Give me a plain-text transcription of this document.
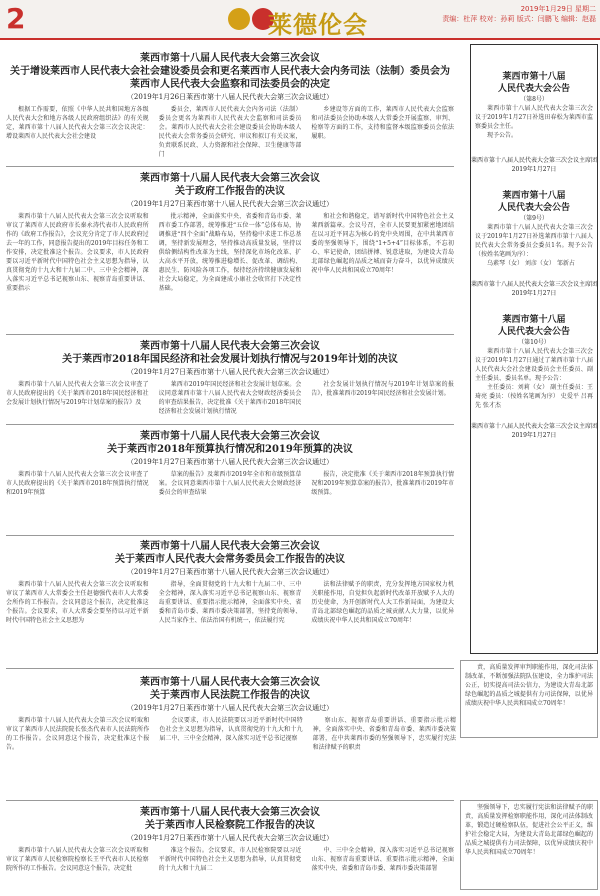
2	莱德伦会
2019年1月29日 星期二
责编：杜萍 校对：孙莉 版式：闫鹏飞 编辑：赵磊

莱西市第十八届人民代表大会第三次会议

关于增设莱西市人民代表大会社会建设委员会和更名莱西市人民代表大会内务司法（法制）委员会为莱西市人民代表大会监察和司法委员会的决定

（2019年1月26日莱西市第十八届人民代表大会第三次会议通过）

根据工作需要，依照《中华人民共和国地方各级人民代表大会和地方各级人民政府组织法》的有关规定，莱西市第十八届人民代表大会第三次会议决定：增设莱西市人民代表大会社会建设
委员会，莱西市人民代表大会内务司法（法制）委员会更名为莱西市人民代表大会监察和司法委员会。莱西市人民代表大会社会建设委员会协助本级人民代表大会常务委员会研究、审议和拟订有关议案，负责联系民政、人力资源和社会保障、卫生健康等部门
乡建设等方面的工作，莱西市人民代表大会监察和司法委员会协助本级人大常委会开展监察、审判、检察等方面的工作，支持和监督本级监察委员会依法履职。

莱西市第十八届人民代表大会第三次会议

关于政府工作报告的决议

（2019年1月27日莱西市第十八届人民代表大会第三次会议通过）

莱西市第十八届人民代表大会第三次会议听取和审议了莱西市人民政府市长秦永涛代表市人民政府所作的《政府工作报告》，会议充分肯定了市人民政府过去一年的工作，同意报告提出的2019年目标任务和工作安排，决定批准这个报告。会议要求，市人民政府要以习近平新时代中国特色社会主义思想为指导，认真贯彻党的十九大和十九届二中、三中全会精神，深入落实习近平总书记视察山东、视察青岛重要讲话、重要指示
批示精神，全面落实中央、省委和青岛市委、莱西市委工作部署，统筹推进“五位一体”总体布局，协调推进“四个全面”战略布局，坚持稳中求进工作总基调，坚持新发展理念，坚持推动高质量发展，坚持以供给侧结构性改革为主线，坚持深化市场化改革、扩大高水平开放，统筹推进稳增长、促改革、调结构、惠民生、防风险各项工作，保持经济持续健康发展和社会大局稳定，为全面建成小康社会收官打下决定性基础。
和社会和谐稳定，谱写新时代中国特色社会主义莱西新篇章。会议号召，全市人民要更加紧密地团结在以习近平同志为核心的党中央周围，在中共莱西市委的坚强领导下，围绕“1+5+4”目标体系，不忘初心、牢记使命，团结拼搏、锐意进取，为建设大青岛北部绿色崛起的品质之城而奋力奋斗，以优异成绩庆祝中华人民共和国成立70周年！

莱西市第十八届人民代表大会第三次会议

关于莱西市2018年国民经济和社会发展计划执行情况与2019年计划的决议

（2019年1月27日莱西市第十八届人民代表大会第三次会议通过）

莱西市第十八届人民代表大会第三次会议审查了市人民政府提出的《关于莱西市2018年国民经济和社会发展计划执行情况与2019年计划草案的报告》及
莱西市2019年国民经济和社会发展计划草案。会议同意莱西市第十八届人民代表大会财政经济委员会的审查结果报告，决定批准《关于莱西市2018年国民经济和社会发展计划执行情况
社会发展计划执行情况与2019年计划草案的报告》，批准莱西市2019年国民经济和社会发展计划。

莱西市第十八届人民代表大会第三次会议

关于莱西市2018年预算执行情况和2019年预算的决议

（2019年1月27日莱西市第十八届人民代表大会第三次会议通过）

莱西市第十八届人民代表大会第三次会议审查了市人民政府提出的《关于莱西市2018年预算执行情况和2019年预算
草案的报告》及莱西市2019年全市和市级预算草案。会议同意莱西市第十八届人民代表大会财政经济委员会的审查结果
报告，决定批准《关于莱西市2018年预算执行情况和2019年预算草案的报告》，批准莱西市2019年市级预算。

莱西市第十八届人民代表大会第三次会议

关于莱西市人民代表大会常务委员会工作报告的决议

（2019年1月27日莱西市第十八届人民代表大会第三次会议通过）

莱西市第十八届人民代表大会第三次会议听取和审议了莱西市人大常委会主任赵德强代表市人大常委会所作的工作报告。会议同意这个报告，决定批准这个报告。会议要求，市人大常委会要坚持以习近平新时代中国特色社会主义思想为
指导，全面贯彻党的十九大和十九届二中、三中全会精神，深入落实习近平总书记视察山东、视察青岛重要讲话、重要指示批示精神，全面落实中央、省委和青岛市委、莱西市委决策部署，坚持党的领导、人民当家作主、依法治国有机统一，依法履行宪
法和法律赋予的职责，充分发挥地方国家权力机关职能作用，自觉担负起新时代改革开放赋予人大的历史使命，为开创新时代人大工作新局面，为建设大青岛北部绿色崛起的品质之城贡献人大力量，以优异成绩庆祝中华人民共和国成立70周年！

莱西市第十八届人民代表大会第三次会议

关于莱西市人民法院工作报告的决议

（2019年1月27日莱西市第十八届人民代表大会第三次会议通过）

莱西市第十八届人民代表大会第三次会议听取和审议了莱西市人民法院院长张杰代表市人民法院所作的工作报告。会议同意这个报告，决定批准这个报告。
会议要求，市人民法院要以习近平新时代中国特色社会主义思想为指导，认真贯彻党的十九大和十九届二中、三中全会精神，深入落实习近平总书记视察
察山东、视察青岛重要讲话、重要指示批示精神，全面落实中央、省委和青岛市委、莱西市委决策部署，在中共莱西市委的坚强领导下，忠实履行宪法和法律赋予的职责

莱西市第十八届人民代表大会第三次会议

关于莱西市人民检察院工作报告的决议

（2019年1月27日莱西市第十八届人民代表大会第三次会议通过）

莱西市第十八届人民代表大会第三次会议听取和审议了莱西市人民检察院检察长王平代表市人民检察院所作的工作报告。会议同意这个报告，决定批
准这个报告。会议要求，市人民检察院要以习近平新时代中国特色社会主义思想为指导，认真贯彻党的十九大和十九届二
中、三中全会精神，深入落实习近平总书记视察山东、视察青岛重要讲话、重要指示批示精神，全面落实中央、省委和青岛市委、莱西市委决策部署
责，高质量发挥审判职能作用，深化司法体制改革，不断加强法院队伍建设，全力维护司法公正，切实提高司法公信力，为建设大青岛北部绿色崛起的品质之城提供有力司法保障，以优异成绩庆祝中华人民共和国成立70周年！
坚强领导下，忠实履行宪法和法律赋予的职责，高质量发挥检察职能作用，深化司法体制改革，锻造过硬检察队伍，促进社会公平正义，维护社会稳定大局，为建设大青岛北部绿色崛起的品质之城提供有力司法保障，以优异成绩庆祝中华人民共和国成立70周年！
莱西市第十八届
人民代表大会公告
（第8号）
莱西市第十八届人民代表大会第三次会议于2019年1月27日补选田春松为莱西市监察委员会主任。
现予公告。
莱西市第十八届人民代表大会第三次会议主席团
2019年1月27日
莱西市第十八届
人民代表大会公告
（第9号）
莱西市第十八届人民代表大会第三次会议于2019年1月27日补选莱西市第十八届人民代表大会常务委员会委员1名。现予公告（按姓名笔画为序）：
乌素琴（女） 刘彦（女） 邹新占
莱西市第十八届人民代表大会第三次会议主席团
2019年1月27日
莱西市第十八届
人民代表大会公告
（第10号）
莱西市第十八届人民代表大会第三次会议于2019年1月27日通过了莱西市第十八届人民代表大会社会建设委员会主任委员、副主任委员、委员名单。现予公告：
主任委员：刘莉（女） 副主任委员：王琦亮 委员：（按姓名笔画为序） 史爱平 吕再先 张才杰
莱西市第十八届人民代表大会第三次会议主席团
2019年1月27日
